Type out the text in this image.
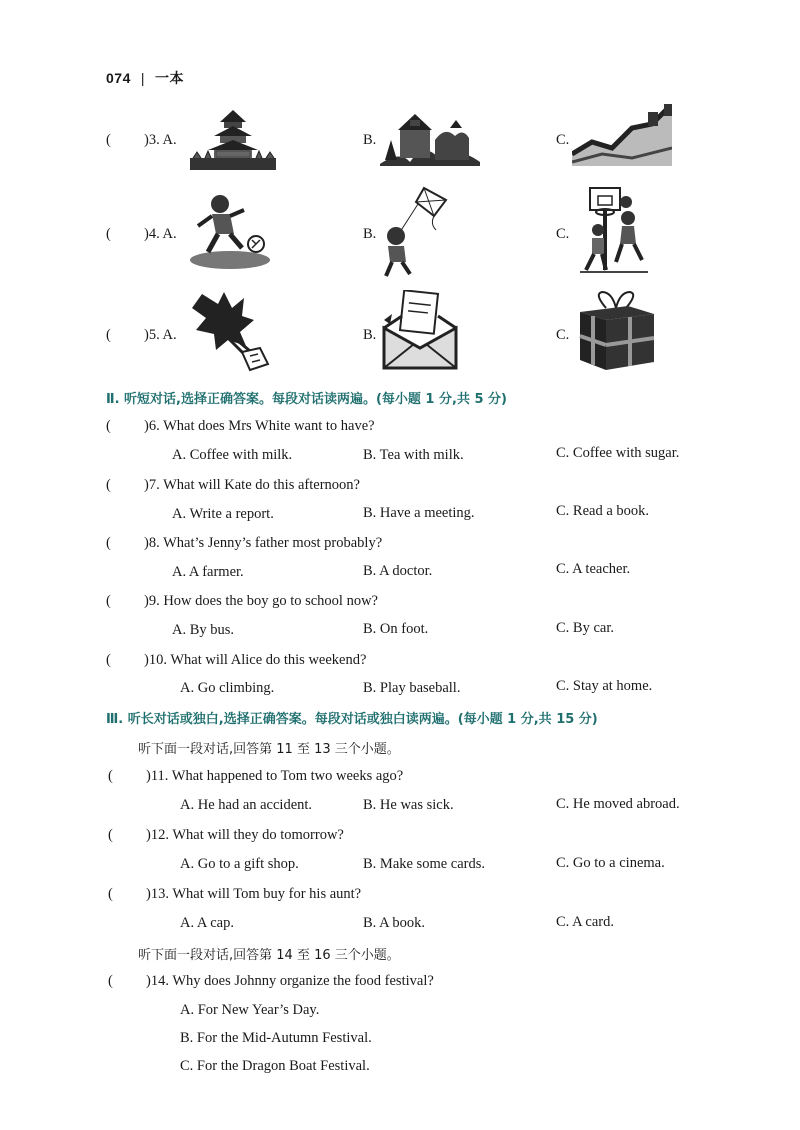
074 | 一本
( )3. A.	B.	C.
( )4. A.	B.	C.
( )5. A.	B.	C.
Ⅱ. 听短对话,选择正确答案。每段对话读两遍。(每小题 1 分,共 5 分)
( )6. What does Mrs White want to have?
A. Coffee with milk.	B. Tea with milk.	C. Coffee with sugar.
( )7. What will Kate do this afternoon?
A. Write a report.	B. Have a meeting.	C. Read a book.
( )8. What’s Jenny’s father most probably?
A. A farmer.	B. A doctor.	C. A teacher.
( )9. How does the boy go to school now?
A. By bus.	B. On foot.	C. By car.
( )10. What will Alice do this weekend?
A. Go climbing.	B. Play baseball.	C. Stay at home.
Ⅲ. 听长对话或独白,选择正确答案。每段对话或独白读两遍。(每小题 1 分,共 15 分)
听下面一段对话,回答第 11 至 13 三个小题。
( )11. What happened to Tom two weeks ago?
A. He had an accident.	B. He was sick.	C. He moved abroad.
( )12. What will they do tomorrow?
A. Go to a gift shop.	B. Make some cards.	C. Go to a cinema.
( )13. What will Tom buy for his aunt?
A. A cap.	B. A book.	C. A card.
听下面一段对话,回答第 14 至 16 三个小题。
( )14. Why does Johnny organize the food festival?
A. For New Year’s Day.
B. For the Mid-Autumn Festival.
C. For the Dragon Boat Festival.
